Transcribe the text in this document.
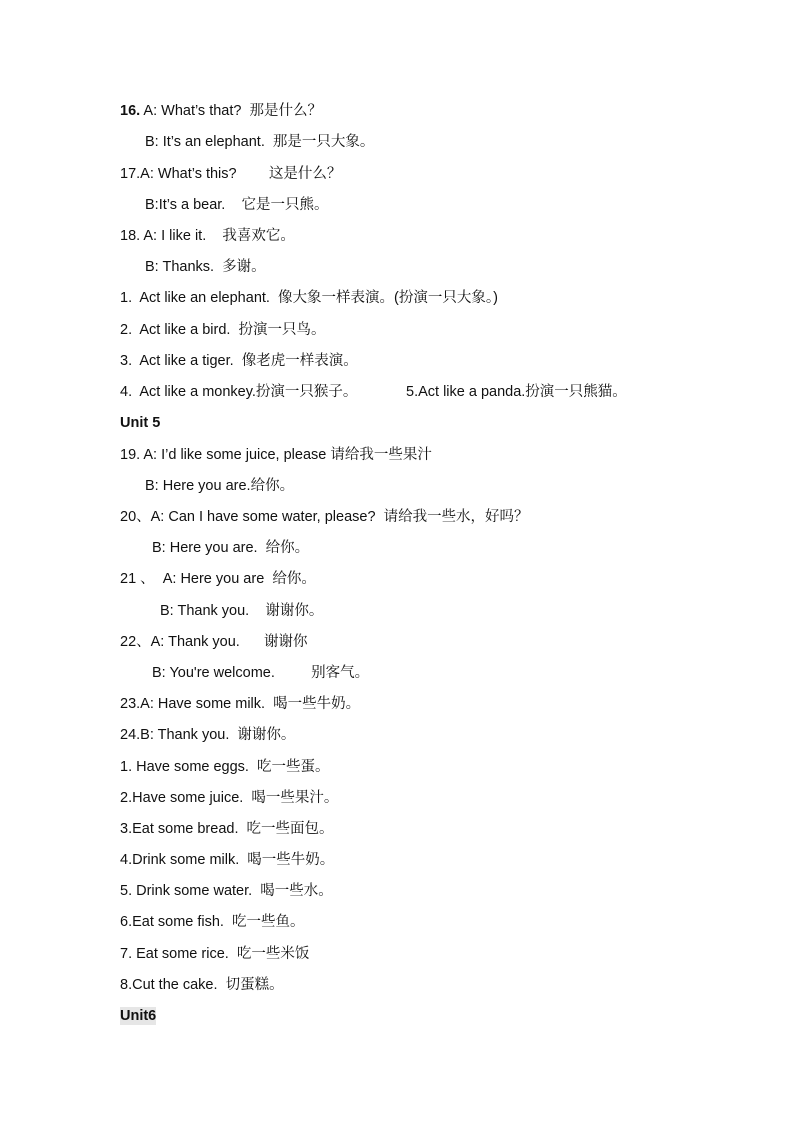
16. A: What’s that?  那是什么？
B: It’s an elephant.  那是一只大象。
17.A: What’s this?        这是什么？
B:It’s a bear.    它是一只熊。
18. A: I like it.    我喜欢它。
B: Thanks.  多谢。
1.  Act like an elephant.  像大象一样表演。(扮演一只大象。)
2.  Act like a bird.  扮演一只鸟。
3.  Act like a tiger.  像老虎一样表演。
4.  Act like a monkey.扮演一只猴子。	5.Act like a panda.扮演一只熊猫。
Unit 5
19. A: I’d like some juice, please 请给我一些果汁
B: Here you are.给你。
20、A: Can I have some water, please?  请给我一些水，好吗？
B: Here you are.  给你。
21 、  A: Here you are  给你。
B: Thank you.    谢谢你。
22、A: Thank you.      谢谢你
B: You're welcome.         别客气。
23.A: Have some milk.  喝一些牛奶。
24.B: Thank you.  谢谢你。
1. Have some eggs.  吃一些蛋。
2.Have some juice.  喝一些果汁。
3.Eat some bread.  吃一些面包。
4.Drink some milk.  喝一些牛奶。
5. Drink some water.  喝一些水。
6.Eat some fish.  吃一些鱼。
7. Eat some rice.  吃一些米饭
8.Cut the cake.  切蛋糕。
Unit6
